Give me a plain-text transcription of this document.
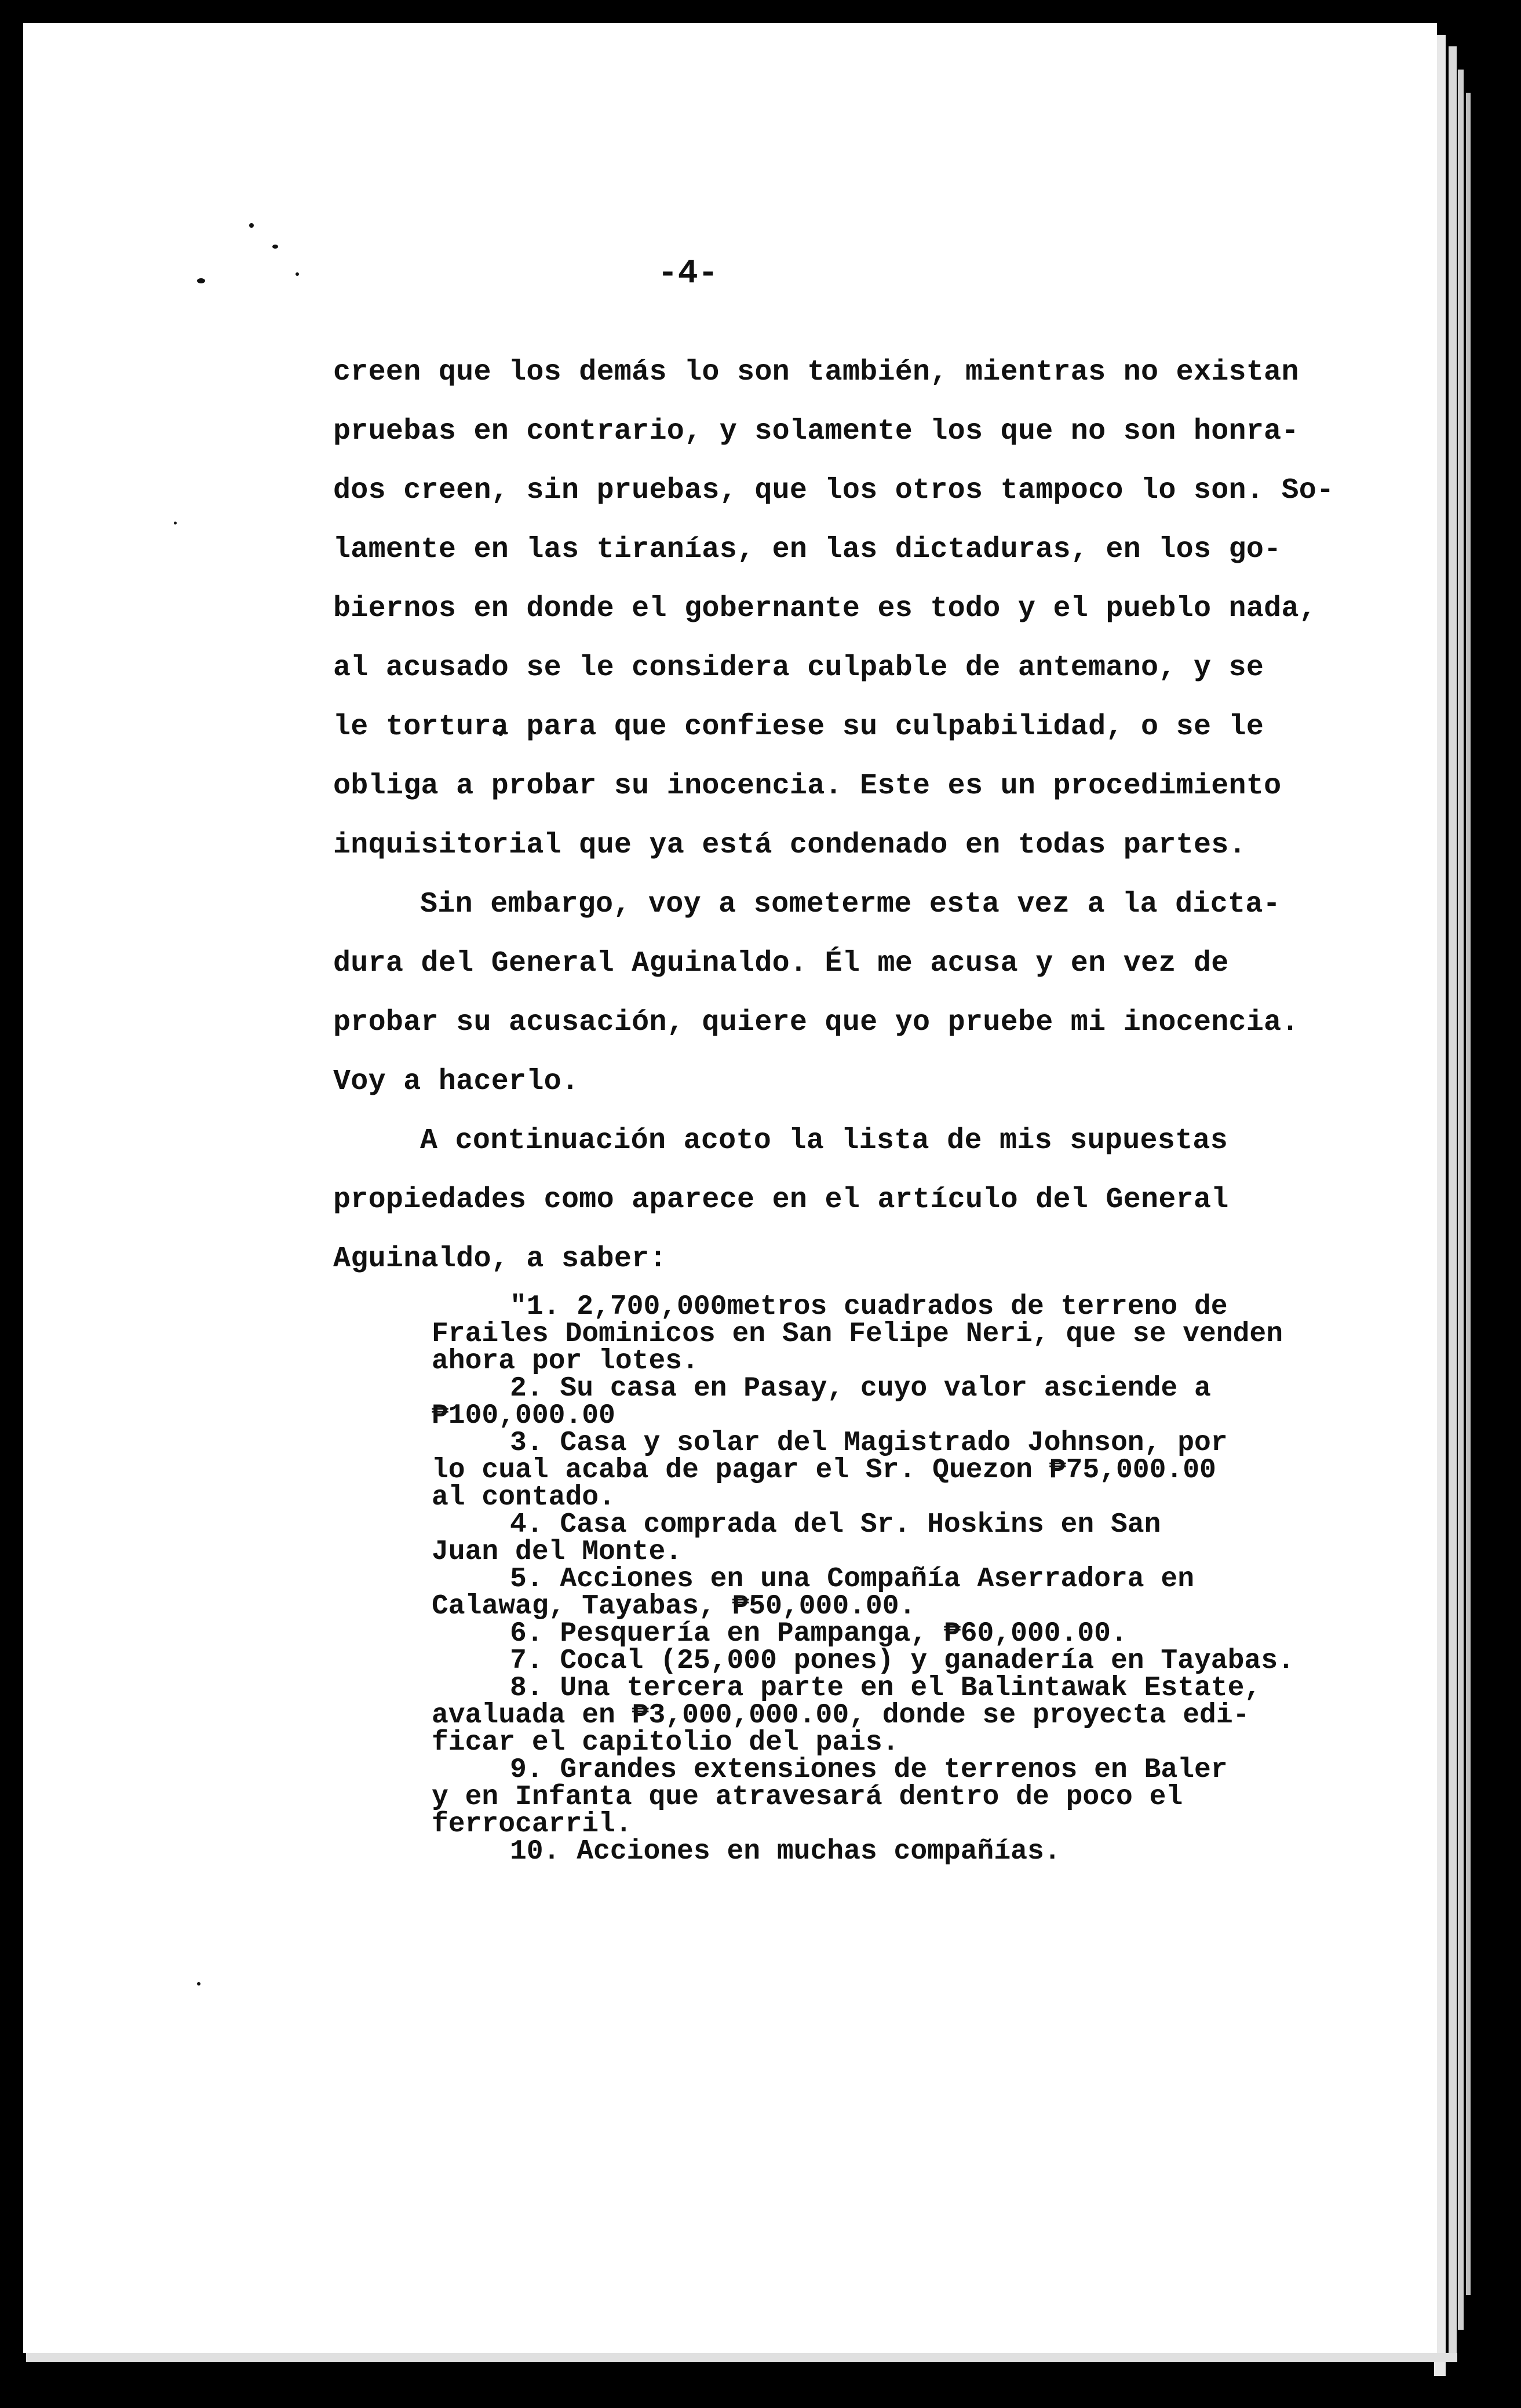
-4-
creen que los demás lo son también, mientras no existan
pruebas en contrario, y solamente los que no son honra-
dos creen, sin pruebas, que los otros tampoco lo son. So-
lamente en las tiranías, en las dictaduras, en los go-
biernos en donde el gobernante es todo y el pueblo nada,
al acusado se le considera culpable de antemano, y se
le tortura para que confiese su culpabilidad, o se le
obliga a probar su inocencia. Este es un procedimiento
inquisitorial que ya está condenado en todas partes.
Sin embargo, voy a someterme esta vez a la dicta-
dura del General Aguinaldo. Él me acusa y en vez de
probar su acusación, quiere que yo pruebe mi inocencia.
Voy a hacerlo.
A continuación acoto la lista de mis supuestas
propiedades como aparece en el artículo del General
Aguinaldo, a saber:
"1. 2,700,000metros cuadrados de terreno de
Frailes Dominicos en San Felipe Neri, que se venden
ahora por lotes.
2. Su casa en Pasay, cuyo valor asciende a
₱100,000.00
3. Casa y solar del Magistrado Johnson, por
lo cual acaba de pagar el Sr. Quezon ₱75,000.00
al contado.
4. Casa comprada del Sr. Hoskins en San
Juan del Monte.
5. Acciones en una Compañía Aserradora en
Calawag, Tayabas, ₱50,000.00.
6. Pesquería en Pampanga, ₱60,000.00.
7. Cocal (25,000 pones) y ganadería en Tayabas.
8. Una tercera parte en el Balintawak Estate,
avaluada en ₱3,000,000.00, donde se proyecta edi-
ficar el capitolio del pais.
9. Grandes extensiones de terrenos en Baler
y en Infanta que atravesará dentro de poco el
ferrocarril.
10. Acciones en muchas compañías.
